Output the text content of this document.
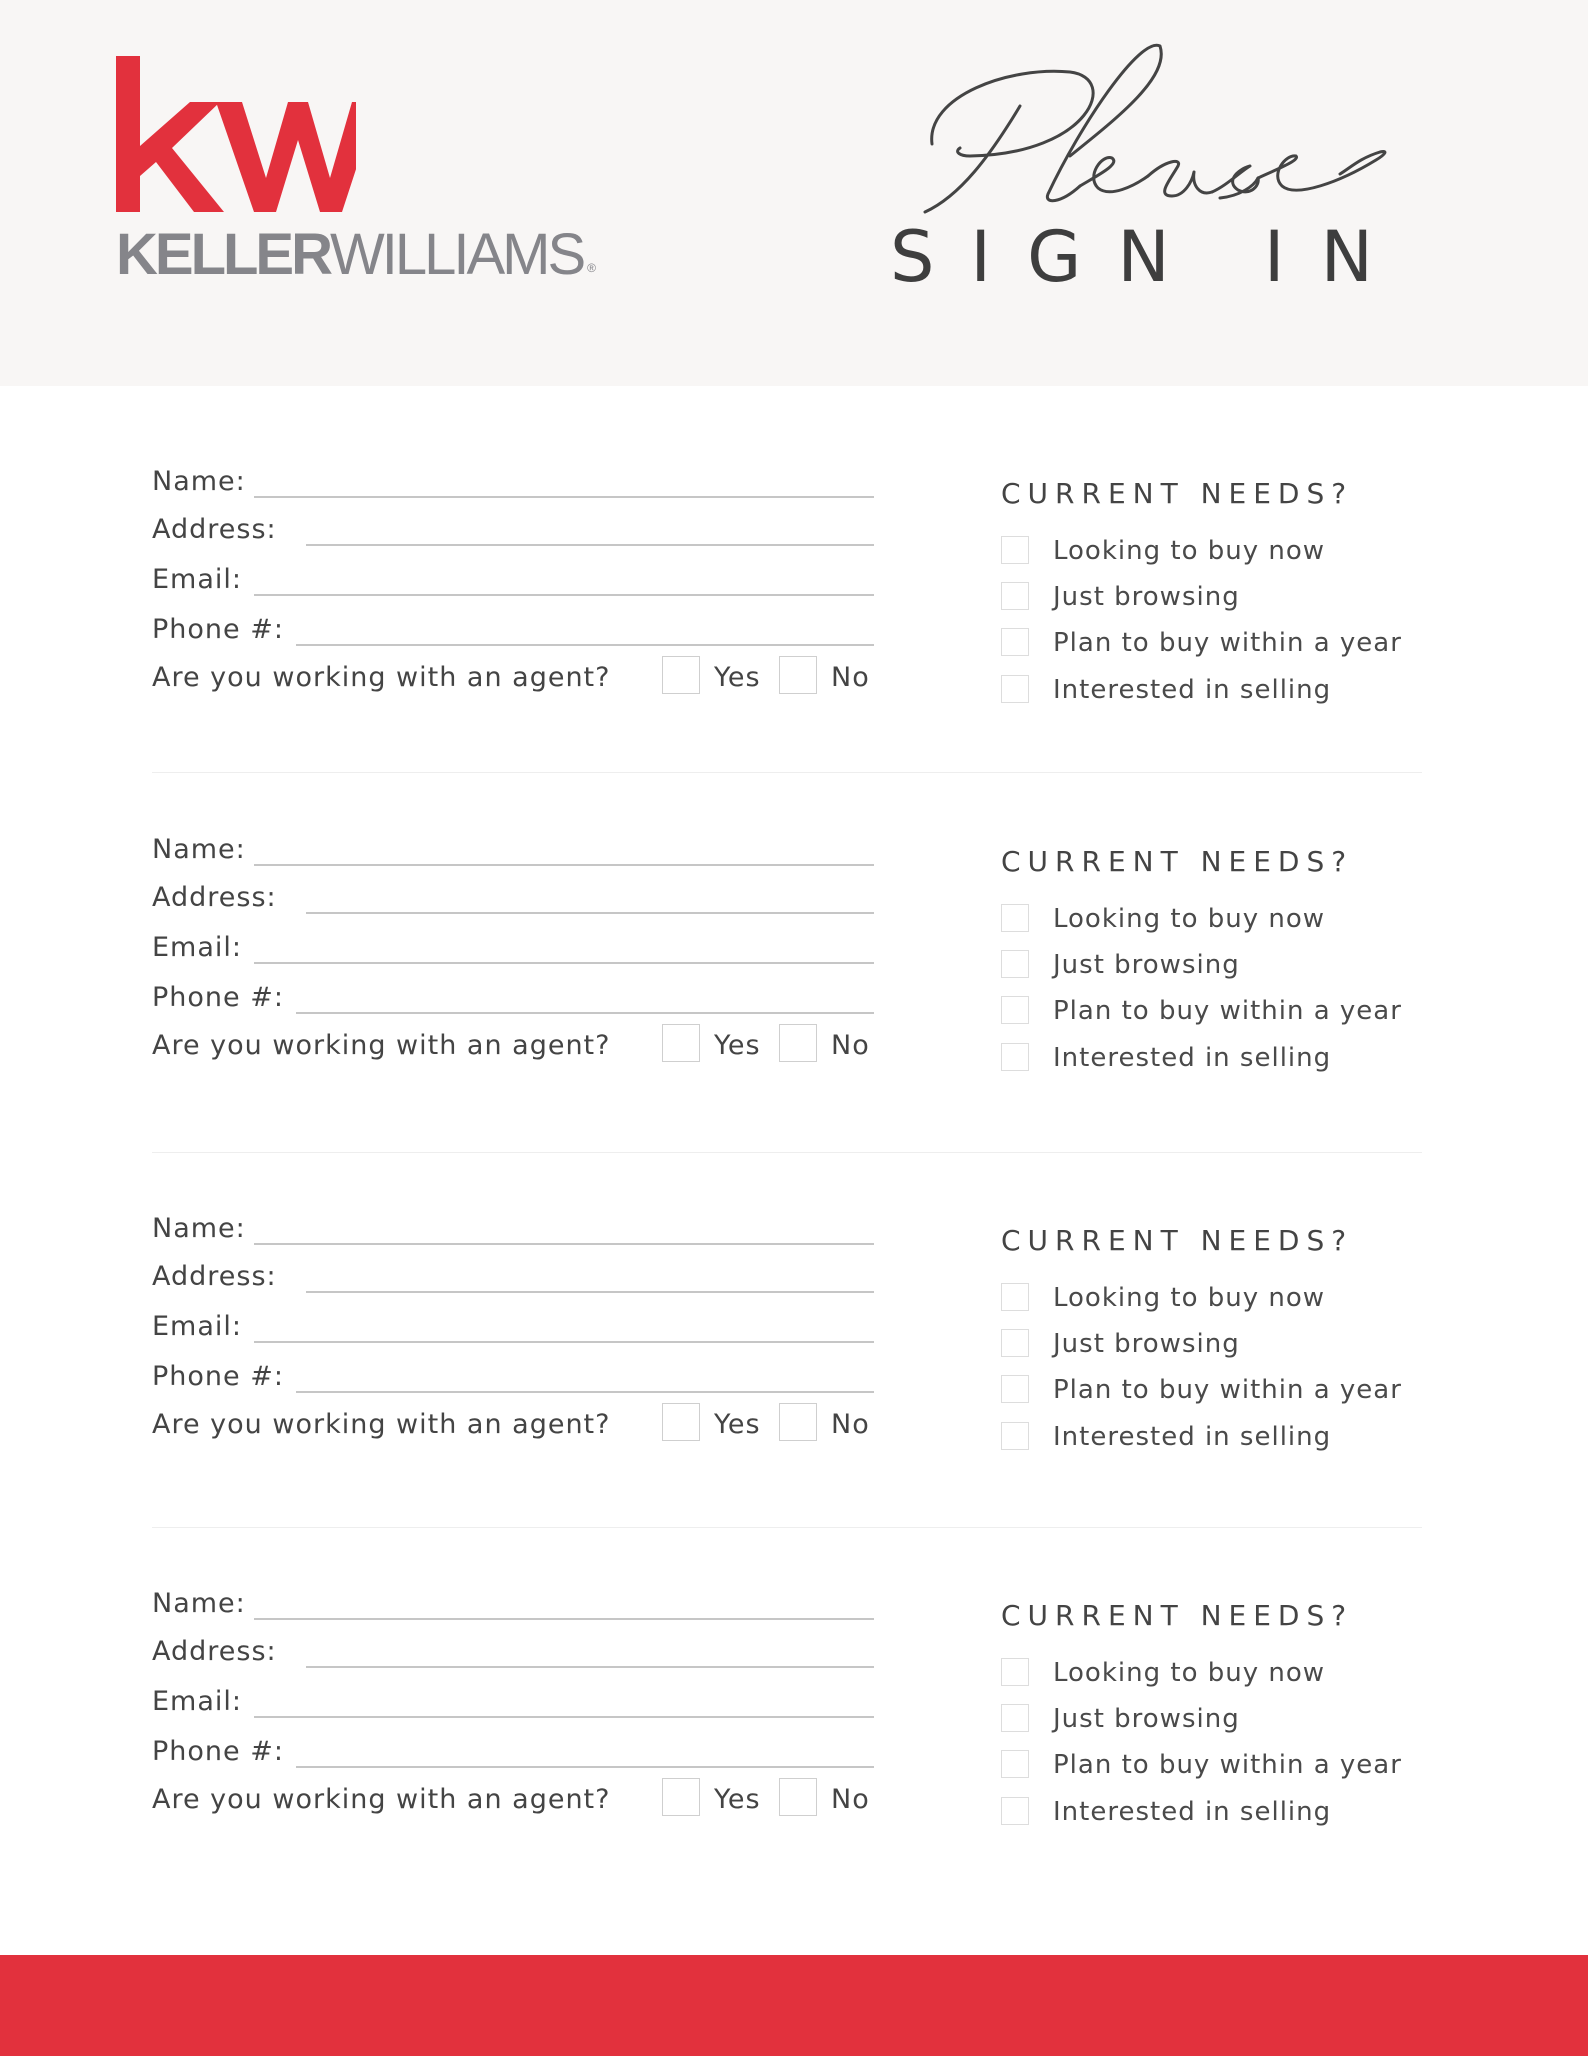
KELLERWILLIAMS ®	SIGN IN
Name:
Address:
Email:
Phone #:
Are you working with an agent?	Yes	No
CURRENT NEEDS?
Looking to buy now
Just browsing
Plan to buy within a year
Interested in selling
Name:
Address:
Email:
Phone #:
Are you working with an agent?	Yes	No
CURRENT NEEDS?
Looking to buy now
Just browsing
Plan to buy within a year
Interested in selling
Name:
Address:
Email:
Phone #:
Are you working with an agent?	Yes	No
CURRENT NEEDS?
Looking to buy now
Just browsing
Plan to buy within a year
Interested in selling
Name:
Address:
Email:
Phone #:
Are you working with an agent?	Yes	No
CURRENT NEEDS?
Looking to buy now
Just browsing
Plan to buy within a year
Interested in selling
